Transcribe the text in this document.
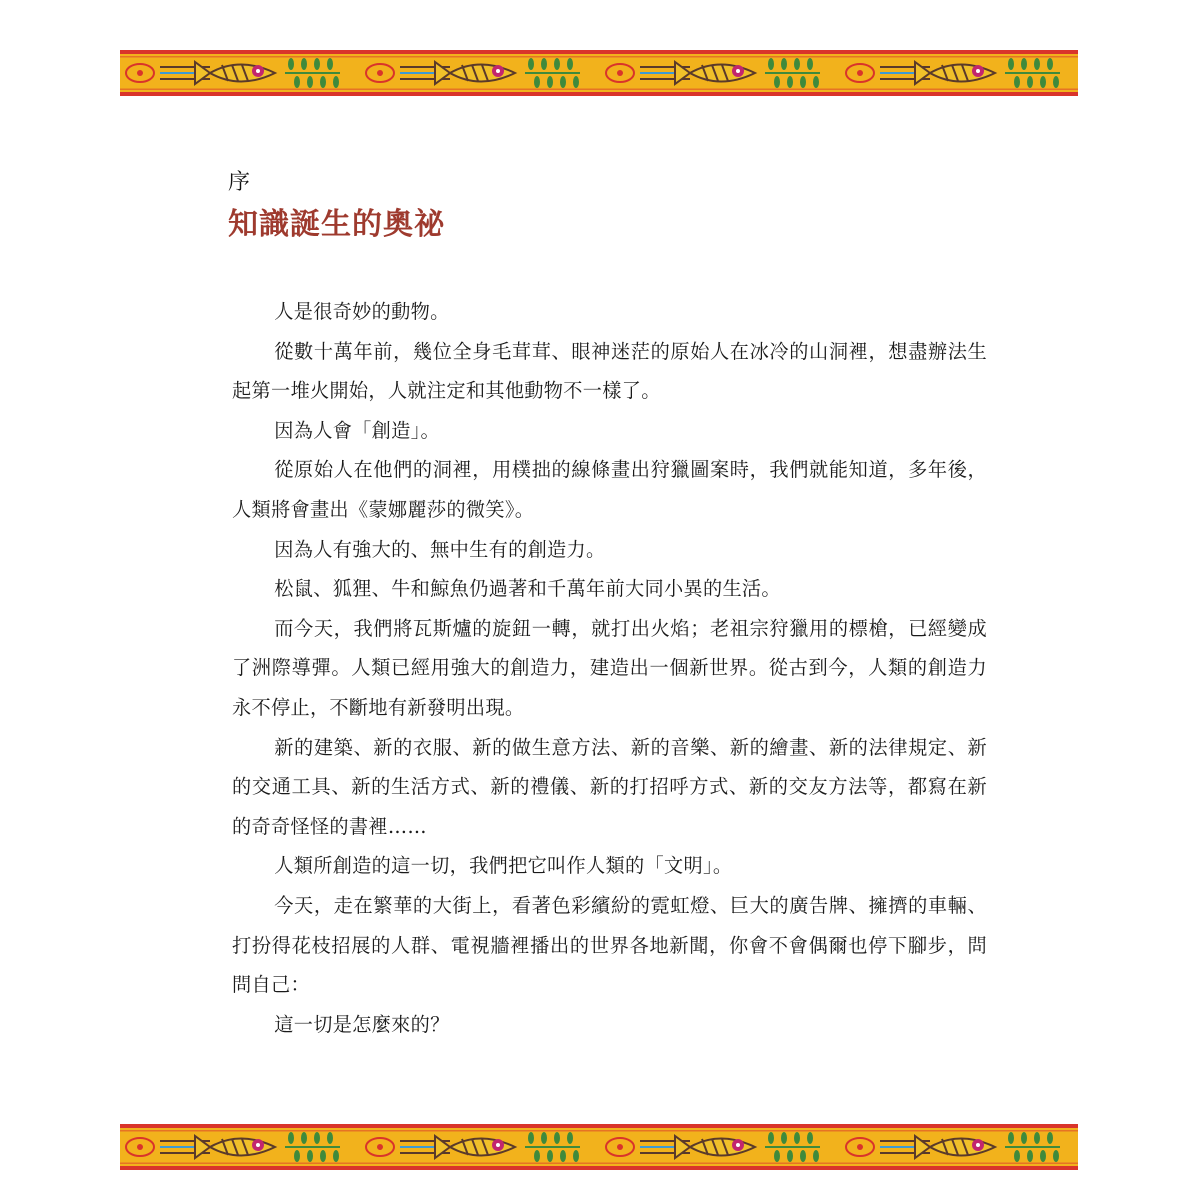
序
知識誕生的奧祕

人是很奇妙的動物。

從數十萬年前，幾位全身毛茸茸、眼神迷茫的原始人在冰冷的山洞裡，想盡辦法生起第一堆火開始，人就注定和其他動物不一樣了。

因為人會「創造」。

從原始人在他們的洞裡，用樸拙的線條畫出狩獵圖案時，我們就能知道，多年後，人類將會畫出《蒙娜麗莎的微笑》。

因為人有強大的、無中生有的創造力。

松鼠、狐狸、牛和鯨魚仍過著和千萬年前大同小異的生活。

而今天，我們將瓦斯爐的旋鈕一轉，就打出火焰；老祖宗狩獵用的標槍，已經變成了洲際導彈。人類已經用強大的創造力，建造出一個新世界。從古到今，人類的創造力永不停止，不斷地有新發明出現。

新的建築、新的衣服、新的做生意方法、新的音樂、新的繪畫、新的法律規定、新的交通工具、新的生活方式、新的禮儀、新的打招呼方式、新的交友方法等，都寫在新的奇奇怪怪的書裡……

人類所創造的這一切，我們把它叫作人類的「文明」。

今天，走在繁華的大街上，看著色彩繽紛的霓虹燈、巨大的廣告牌、擁擠的車輛、打扮得花枝招展的人群、電視牆裡播出的世界各地新聞，你會不會偶爾也停下腳步，問問自己：

這一切是怎麼來的？
